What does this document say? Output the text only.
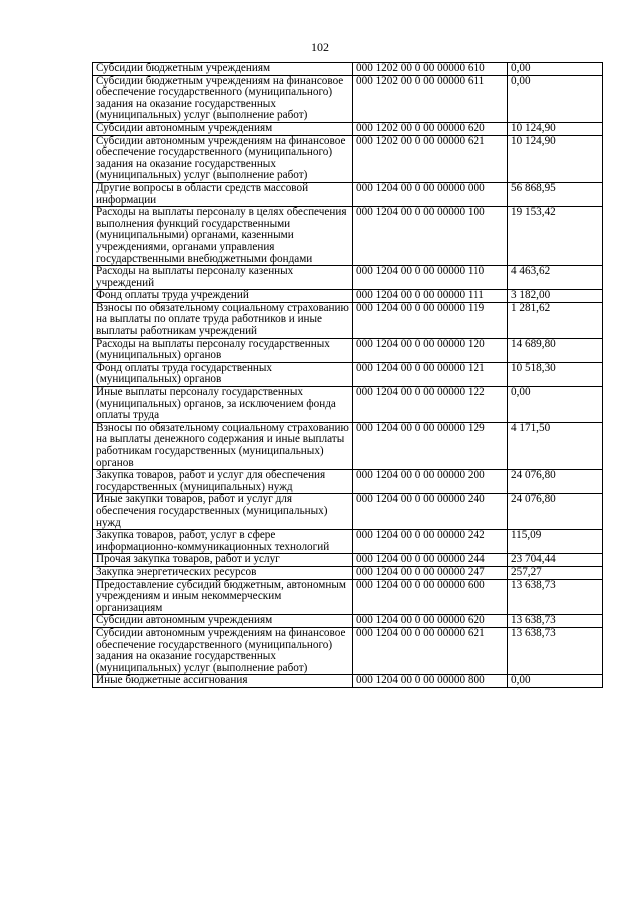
102
Субсидии бюджетным учреждениям	000 1202 00 0 00 00000 610	0,00
Субсидии бюджетным учреждениям на финансовое обеспечение государственного (муниципального) задания на оказание государственных (муниципальных) услуг (выполнение работ)	000 1202 00 0 00 00000 611	0,00
Субсидии автономным учреждениям	000 1202 00 0 00 00000 620	10 124,90
Субсидии автономным учреждениям на финансовое обеспечение государственного (муниципального) задания на оказание государственных (муниципальных) услуг (выполнение работ)	000 1202 00 0 00 00000 621	10 124,90
Другие вопросы в области средств массовой информации	000 1204 00 0 00 00000 000	56 868,95
Расходы на выплаты персоналу в целях обеспечения выполнения функций государственными (муниципальными) органами, казенными учреждениями, органами управления государственными внебюджетными фондами	000 1204 00 0 00 00000 100	19 153,42
Расходы на выплаты персоналу казенных учреждений	000 1204 00 0 00 00000 110	4 463,62
Фонд оплаты труда учреждений	000 1204 00 0 00 00000 111	3 182,00
Взносы по обязательному социальному страхованию на выплаты по оплате труда работников и иные выплаты работникам учреждений	000 1204 00 0 00 00000 119	1 281,62
Расходы на выплаты персоналу государственных (муниципальных) органов	000 1204 00 0 00 00000 120	14 689,80
Фонд оплаты труда государственных (муниципальных) органов	000 1204 00 0 00 00000 121	10 518,30
Иные выплаты персоналу государственных (муниципальных) органов, за исключением фонда оплаты труда	000 1204 00 0 00 00000 122	0,00
Взносы по обязательному социальному страхованию на выплаты денежного содержания и иные выплаты работникам государственных (муниципальных) органов	000 1204 00 0 00 00000 129	4 171,50
Закупка товаров, работ и услуг для обеспечения государственных (муниципальных) нужд	000 1204 00 0 00 00000 200	24 076,80
Иные закупки товаров, работ и услуг для обеспечения государственных (муниципальных) нужд	000 1204 00 0 00 00000 240	24 076,80
Закупка товаров, работ, услуг в сфере информационно-коммуникационных технологий	000 1204 00 0 00 00000 242	115,09
Прочая закупка товаров, работ и услуг	000 1204 00 0 00 00000 244	23 704,44
Закупка энергетических ресурсов	000 1204 00 0 00 00000 247	257,27
Предоставление субсидий бюджетным, автономным учреждениям и иным некоммерческим организациям	000 1204 00 0 00 00000 600	13 638,73
Субсидии автономным учреждениям	000 1204 00 0 00 00000 620	13 638,73
Субсидии автономным учреждениям на финансовое обеспечение государственного (муниципального) задания на оказание государственных (муниципальных) услуг (выполнение работ)	000 1204 00 0 00 00000 621	13 638,73
Иные бюджетные ассигнования	000 1204 00 0 00 00000 800	0,00
